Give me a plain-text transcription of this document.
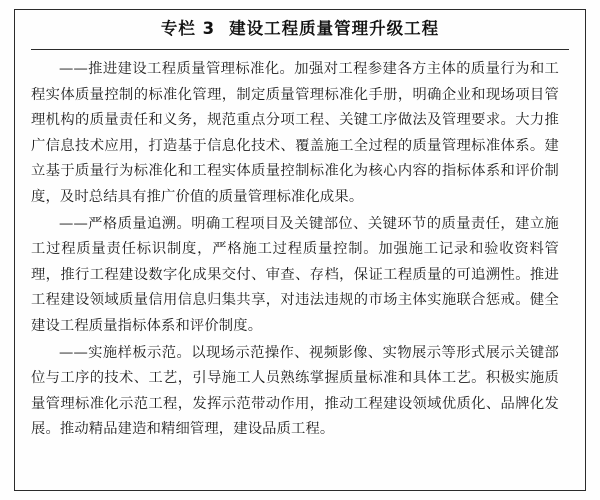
专栏 3 建设工程质量管理升级工程

——推进建设工程质量管理标准化。加强对工程参建各方主体的质量行为和工程实体质量控制的标准化管理，制定质量管理标准化手册，明确企业和现场项目管理机构的质量责任和义务，规范重点分项工程、关键工序做法及管理要求。大力推广信息技术应用，打造基于信息化技术、覆盖施工全过程的质量管理标准体系。建立基于质量行为标准化和工程实体质量控制标准化为核心内容的指标体系和评价制度，及时总结具有推广价值的质量管理标准化成果。

——严格质量追溯。明确工程项目及关键部位、关键环节的质量责任，建立施工过程质量责任标识制度，严格施工过程质量控制。加强施工记录和验收资料管理，推行工程建设数字化成果交付、审查、存档，保证工程质量的可追溯性。推进工程建设领域质量信用信息归集共享，对违法违规的市场主体实施联合惩戒。健全建设工程质量指标体系和评价制度。

——实施样板示范。以现场示范操作、视频影像、实物展示等形式展示关键部位与工序的技术、工艺，引导施工人员熟练掌握质量标准和具体工艺。积极实施质量管理标准化示范工程，发挥示范带动作用，推动工程建设领域优质化、品牌化发展。推动精品建造和精细管理，建设品质工程。
